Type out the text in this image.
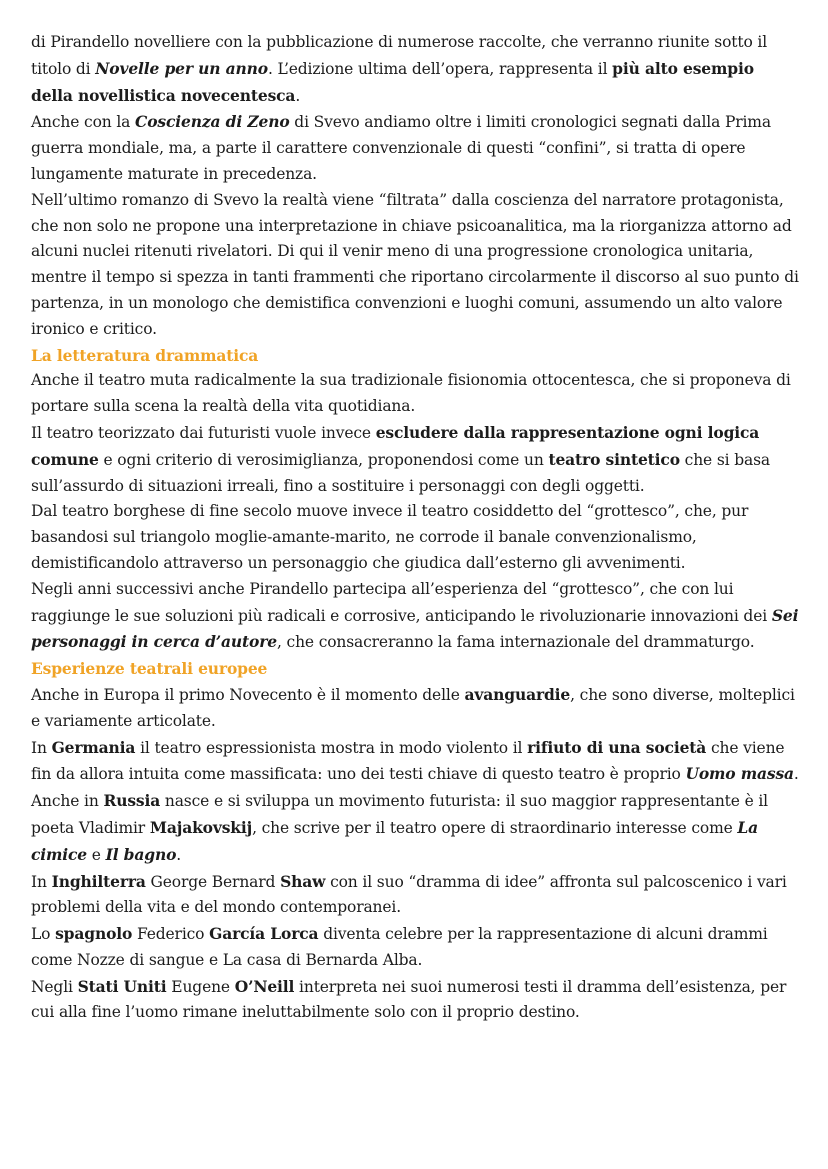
di Pirandello novelliere con la pubblicazione di numerose raccolte, che verranno riunite sotto il titolo di Novelle per un anno. L’edizione ultima dell’opera, rappresenta il più alto esempio della novellistica novecentesca.

Anche con la Coscienza di Zeno di Svevo andiamo oltre i limiti cronologici segnati dalla Prima guerra mondiale, ma, a parte il carattere convenzionale di questi “confini”, si tratta di opere lungamente maturate in precedenza.

Nell’ultimo romanzo di Svevo la realtà viene “filtrata” dalla coscienza del narratore protagonista, che non solo ne propone una interpretazione in chiave psicoanalitica, ma la riorganizza attorno ad alcuni nuclei ritenuti rivelatori. Di qui il venir meno di una progressione cronologica unitaria, mentre il tempo si spezza in tanti frammenti che riportano circolarmente il discorso al suo punto di partenza, in un monologo che demistifica convenzioni e luoghi comuni, assumendo un alto valore ironico e critico.

La letteratura drammatica

Anche il teatro muta radicalmente la sua tradizionale fisionomia ottocentesca, che si proponeva di portare sulla scena la realtà della vita quotidiana.

Il teatro teorizzato dai futuristi vuole invece escludere dalla rappresentazione ogni logica comune e ogni criterio di verosimiglianza, proponendosi come un teatro sintetico che si basa sull’assurdo di situazioni irreali, fino a sostituire i personaggi con degli oggetti.

Dal teatro borghese di fine secolo muove invece il teatro cosiddetto del “grottesco”, che, pur basandosi sul triangolo moglie-amante-marito, ne corrode il banale convenzionalismo, demistificandolo attraverso un personaggio che giudica dall’esterno gli avvenimenti.

Negli anni successivi anche Pirandello partecipa all’esperienza del “grottesco”, che con lui raggiunge le sue soluzioni più radicali e corrosive, anticipando le rivoluzionarie innovazioni dei Sei personaggi in cerca d’autore, che consacreranno la fama internazionale del drammaturgo.

Esperienze teatrali europee

Anche in Europa il primo Novecento è il momento delle avanguardie, che sono diverse, molteplici e variamente articolate.

In Germania il teatro espressionista mostra in modo violento il rifiuto di una società che viene fin da allora intuita come massificata: uno dei testi chiave di questo teatro è proprio Uomo massa.

Anche in Russia nasce e si sviluppa un movimento futurista: il suo maggior rappresentante è il poeta Vladimir Majakovskij, che scrive per il teatro opere di straordinario interesse come La cimice e Il bagno.

In Inghilterra George Bernard Shaw con il suo “dramma di idee” affronta sul palcoscenico i vari problemi della vita e del mondo contemporanei.

Lo spagnolo Federico García Lorca diventa celebre per la rappresentazione di alcuni drammi come Nozze di sangue e La casa di Bernarda Alba.

Negli Stati Uniti Eugene O’Neill interpreta nei suoi numerosi testi il dramma dell’esistenza, per cui alla fine l’uomo rimane ineluttabilmente solo con il proprio destino.
